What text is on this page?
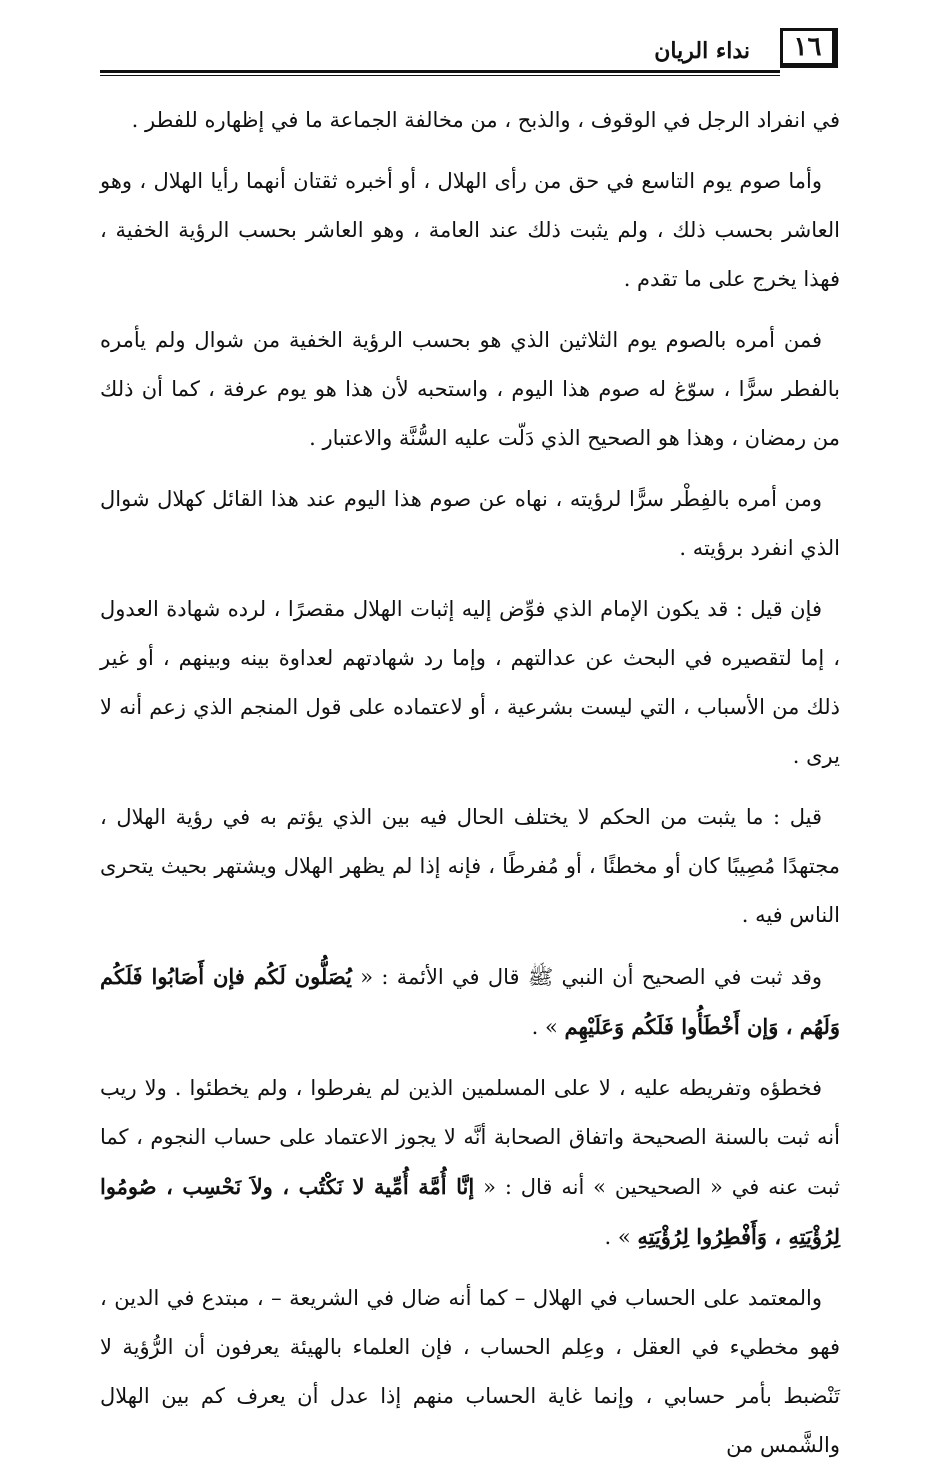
١٦
نداء الريان

في انفراد الرجل في الوقوف ، والذبح ، من مخالفة الجماعة ما في إظهاره للفطر .

وأما صوم يوم التاسع في حق من رأى الهلال ، أو أخبره ثقتان أنهما رأيا الهلال ، وهو العاشر بحسب ذلك ، ولم يثبت ذلك عند العامة ، وهو العاشر بحسب الرؤية الخفية ، فهذا يخرج على ما تقدم .

فمن أمره بالصوم يوم الثلاثين الذي هو بحسب الرؤية الخفية من شوال ولم يأمره بالفطر سرًّا ، سوّغ له صوم هذا اليوم ، واستحبه لأن هذا هو يوم عرفة ، كما أن ذلك من رمضان ، وهذا هو الصحيح الذي دَلّت عليه السُّنَّة والاعتبار .

ومن أمره بالفِطْر سرًّا لرؤيته ، نهاه عن صوم هذا اليوم عند هذا القائل كهلال شوال الذي انفرد برؤيته .

فإن قيل : قد يكون الإمام الذي فوِّض إليه إثبات الهلال مقصرًا ، لرده شهادة العدول ، إما لتقصيره في البحث عن عدالتهم ، وإما رد شهادتهم لعداوة بينه وبينهم ، أو غير ذلك من الأسباب ، التي ليست بشرعية ، أو لاعتماده على قول المنجم الذي زعم أنه لا يرى .

قيل : ما يثبت من الحكم لا يختلف الحال فيه بين الذي يؤتم به في رؤية الهلال ، مجتهدًا مُصِيبًا كان أو مخطئًا ، أو مُفرطًا ، فإنه إذا لم يظهر الهلال ويشتهر بحيث يتحرى الناس فيه .

وقد ثبت في الصحيح أن النبي ﷺ قال في الأئمة : « يُصَلُّون لَكُم فإن أَصَابُوا فَلَكُم وَلَهُم ، وَإن أَخْطَأُوا فَلَكُم وَعَلَيْهِم » .

فخطؤه وتفريطه عليه ، لا على المسلمين الذين لم يفرطوا ، ولم يخطئوا . ولا ريب أنه ثبت بالسنة الصحيحة واتفاق الصحابة أنَّه لا يجوز الاعتماد على حساب النجوم ، كما ثبت عنه في « الصحيحين » أنه قال : « إنَّا أُمَّة أُمِّية لا نَكْتُب ، ولاَ نَحْسِب ، صُومُوا لِرُؤْيَتِهِ ، وَأَفْطِرُوا لِرُؤْيَتِهِ » .

والمعتمد على الحساب في الهلال – كما أنه ضال في الشريعة – ، مبتدع في الدين ، فهو مخطيء في العقل ، وعِلم الحساب ، فإن العلماء بالهيئة يعرفون أن الرُّؤية لا تَنْضبط بأمر حسابي ، وإنما غاية الحساب منهم إذا عدل أن يعرف كم بين الهلال والشَّمس من
